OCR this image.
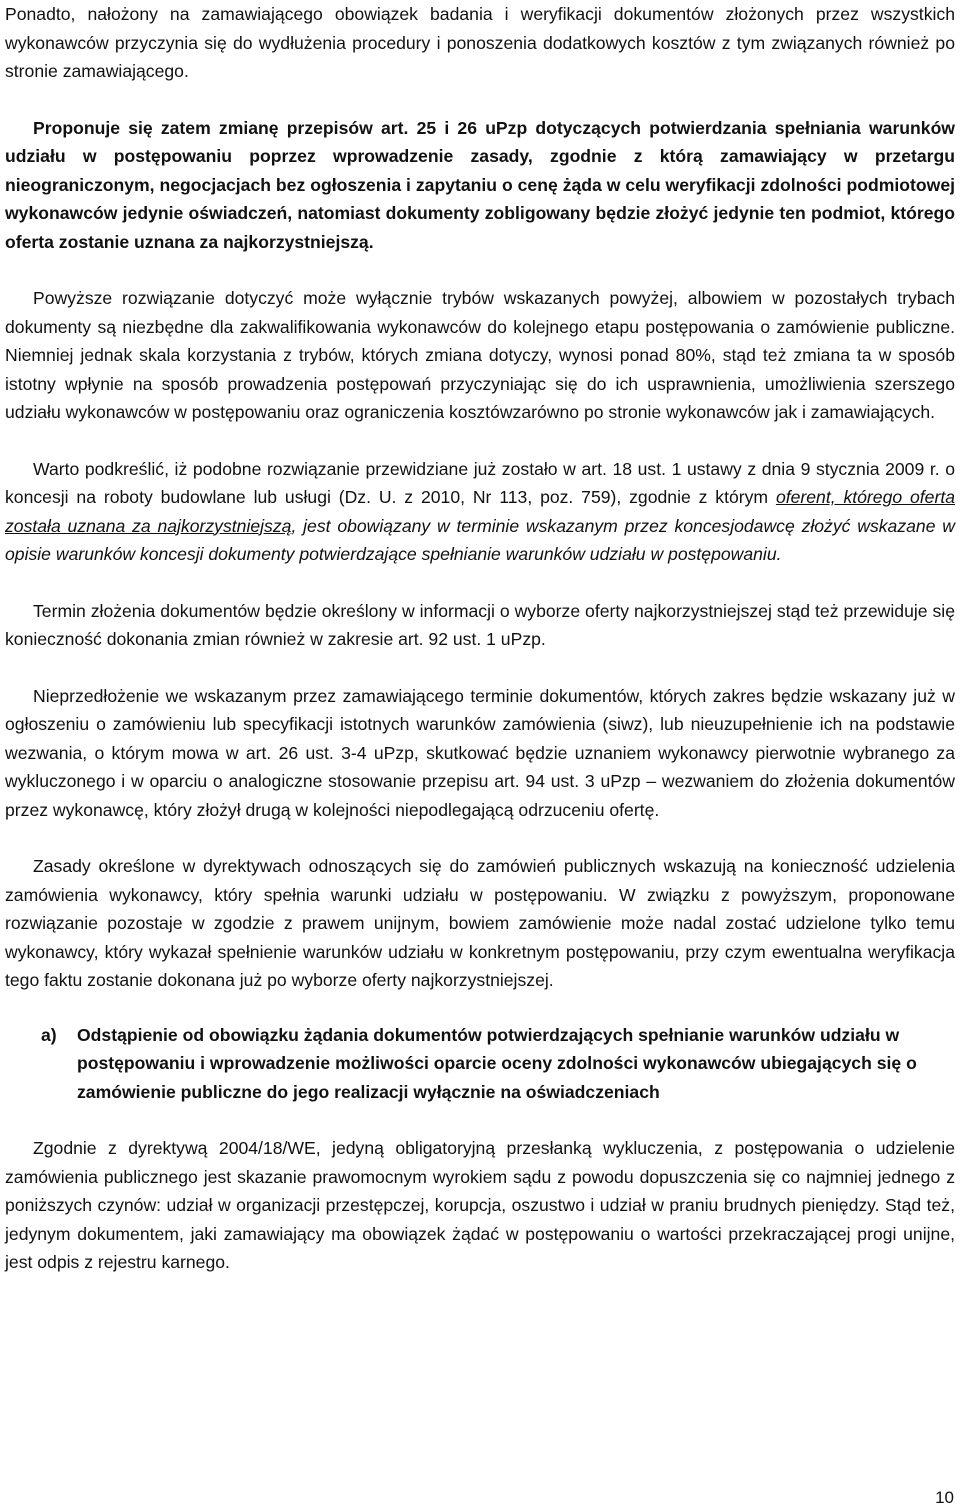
Ponadto, nałożony na zamawiającego obowiązek badania i weryfikacji dokumentów złożonych przez wszystkich wykonawców przyczynia się do wydłużenia procedury i ponoszenia dodatkowych kosztów z tym związanych również po stronie zamawiającego.

Proponuje się zatem zmianę przepisów art. 25 i 26 uPzp dotyczących potwierdzania spełniania warunków udziału w postępowaniu poprzez wprowadzenie zasady, zgodnie z którą zamawiający w przetargu nieograniczonym, negocjacjach bez ogłoszenia i zapytaniu o cenę żąda w celu weryfikacji zdolności podmiotowej wykonawców jedynie oświadczeń, natomiast dokumenty zobligowany będzie złożyć jedynie ten podmiot, którego oferta zostanie uznana za najkorzystniejszą.

Powyższe rozwiązanie dotyczyć może wyłącznie trybów wskazanych powyżej, albowiem w pozostałych trybach dokumenty są niezbędne dla zakwalifikowania wykonawców do kolejnego etapu postępowania o zamówienie publiczne. Niemniej jednak skala korzystania z trybów, których zmiana dotyczy, wynosi ponad 80%, stąd też zmiana ta w sposób istotny wpłynie na sposób prowadzenia postępowań przyczyniając się do ich usprawnienia, umożliwienia szerszego udziału wykonawców w postępowaniu oraz ograniczenia kosztówzarówno po stronie wykonawców jak i zamawiających.

Warto podkreślić, iż podobne rozwiązanie przewidziane już zostało w art. 18 ust. 1 ustawy z dnia 9 stycznia 2009 r. o koncesji na roboty budowlane lub usługi (Dz. U. z 2010, Nr 113, poz. 759), zgodnie z którym oferent, którego oferta została uznana za najkorzystniejszą, jest obowiązany w terminie wskazanym przez koncesjodawcę złożyć wskazane w opisie warunków koncesji dokumenty potwierdzające spełnianie warunków udziału w postępowaniu.

Termin złożenia dokumentów będzie określony w informacji o wyborze oferty najkorzystniejszej stąd też przewiduje się konieczność dokonania zmian również w zakresie art. 92 ust. 1 uPzp.

Nieprzedłożenie we wskazanym przez zamawiającego terminie dokumentów, których zakres będzie wskazany już w ogłoszeniu o zamówieniu lub specyfikacji istotnych warunków zamówienia (siwz), lub nieuzupełnienie ich na podstawie wezwania, o którym mowa w art. 26 ust. 3-4 uPzp, skutkować będzie uznaniem wykonawcy pierwotnie wybranego za wykluczonego i w oparciu o analogiczne stosowanie przepisu art. 94 ust. 3 uPzp – wezwaniem do złożenia dokumentów przez wykonawcę, który złożył drugą w kolejności niepodlegającą odrzuceniu ofertę.

Zasady określone w dyrektywach odnoszących się do zamówień publicznych wskazują na konieczność udzielenia zamówienia wykonawcy, który spełnia warunki udziału w postępowaniu. W związku z powyższym, proponowane rozwiązanie pozostaje w zgodzie z prawem unijnym, bowiem zamówienie może nadal zostać udzielone tylko temu wykonawcy, który wykazał spełnienie warunków udziału w konkretnym postępowaniu, przy czym ewentualna weryfikacja tego faktu zostanie dokonana już po wyborze oferty najkorzystniejszej.

a)	Odstąpienie od obowiązku żądania dokumentów potwierdzających spełnianie warunków udziału w postępowaniu i wprowadzenie możliwości oparcie oceny zdolności wykonawców ubiegających się o zamówienie publiczne do jego realizacji wyłącznie na oświadczeniach

Zgodnie z dyrektywą 2004/18/WE, jedyną obligatoryjną przesłanką wykluczenia, z postępowania o udzielenie zamówienia publicznego jest skazanie prawomocnym wyrokiem sądu z powodu dopuszczenia się co najmniej jednego z poniższych czynów: udział w organizacji przestępczej, korupcja, oszustwo i udział w praniu brudnych pieniędzy. Stąd też, jedynym dokumentem, jaki zamawiający ma obowiązek żądać w postępowaniu o wartości przekraczającej progi unijne, jest odpis z rejestru karnego.

10
